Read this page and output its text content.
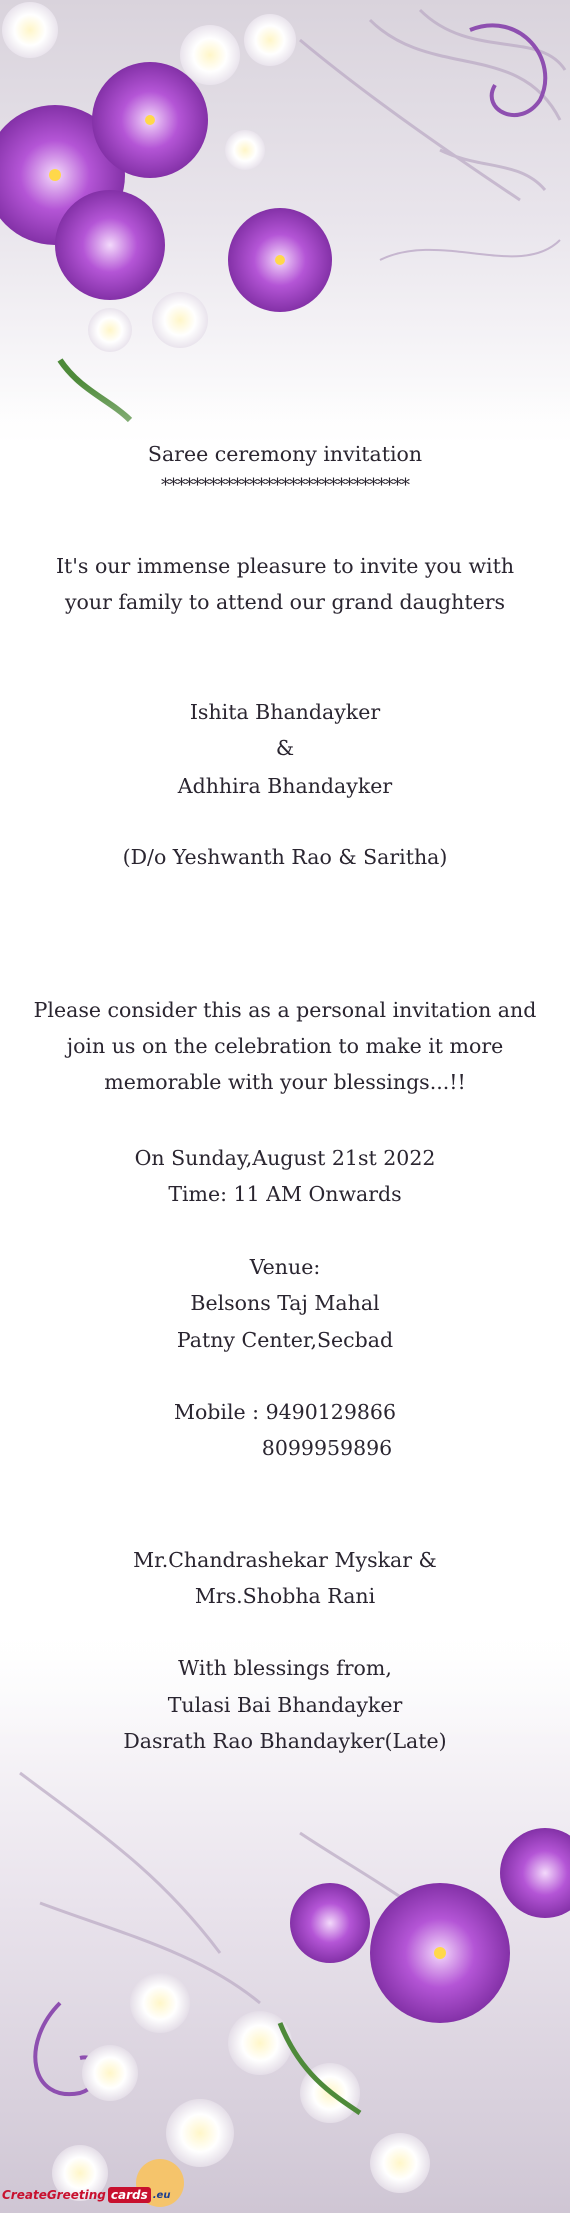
Saree ceremony invitation
*******************************
It's our immense pleasure to invite you with your family to attend our grand daughters
Ishita Bhandayker
&
Adhhira Bhandayker
(D/o Yeshwanth Rao & Saritha)
Please consider this as a personal invitation and join us on the celebration to make it more memorable with your blessings...!!
On Sunday,August 21st 2022
Time: 11 AM Onwards
Venue:
Belsons Taj Mahal
Patny Center,Secbad
Mobile : 9490129866
8099959896
Mr.Chandrashekar Myskar &
Mrs.Shobha Rani
With blessings from,
Tulasi Bai Bhandayker
Dasrath Rao Bhandayker(Late)
CreateGreeting cards .eu
